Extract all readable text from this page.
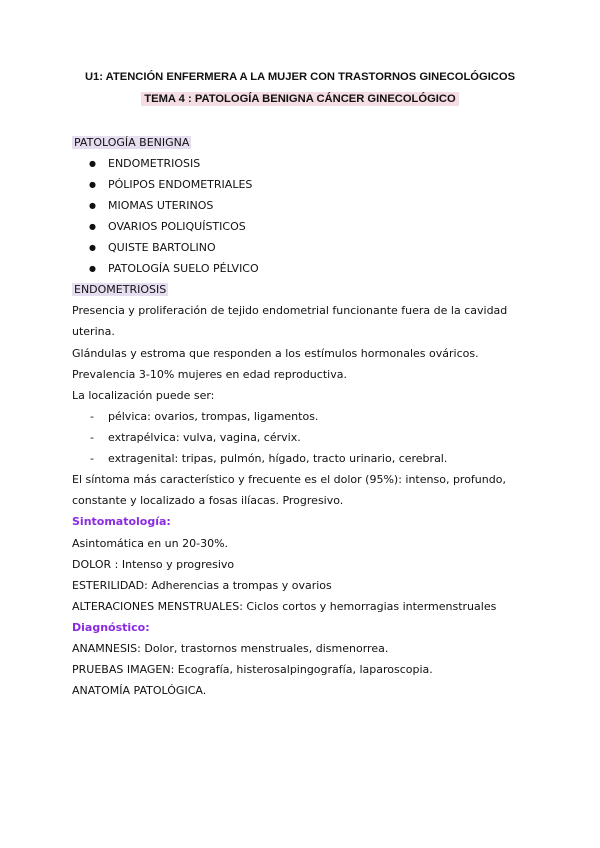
U1: ATENCIÓN ENFERMERA A LA MUJER CON TRASTORNOS GINECOLÓGICOS
TEMA 4 : PATOLOGÍA BENIGNA CÁNCER GINECOLÓGICO
PATOLOGÍA BENIGNA
● ENDOMETRIOSIS
● PÓLIPOS ENDOMETRIALES
● MIOMAS UTERINOS
● OVARIOS POLIQUÍSTICOS
● QUISTE BARTOLINO
● PATOLOGÍA SUELO PÉLVICO
ENDOMETRIOSIS
Presencia y proliferación de tejido endometrial funcionante fuera de la cavidad
uterina.
Glándulas y estroma que responden a los estímulos hormonales ováricos.
Prevalencia 3-10% mujeres en edad reproductiva.
La localización puede ser:
- pélvica: ovarios, trompas, ligamentos.
- extrapélvica: vulva, vagina, cérvix.
- extragenital: tripas, pulmón, hígado, tracto urinario, cerebral.
El síntoma más característico y frecuente es el dolor (95%): intenso, profundo,
constante y localizado a fosas ilíacas. Progresivo.
Sintomatología:
Asintomática en un 20-30%.
DOLOR : Intenso y progresivo
ESTERILIDAD: Adherencias a trompas y ovarios
ALTERACIONES MENSTRUALES: Ciclos cortos y hemorragias intermenstruales
Diagnóstico:
ANAMNESIS: Dolor, trastornos menstruales, dismenorrea.
PRUEBAS IMAGEN: Ecografía, histerosalpingografía, laparoscopia.
ANATOMÍA PATOLÓGICA.
